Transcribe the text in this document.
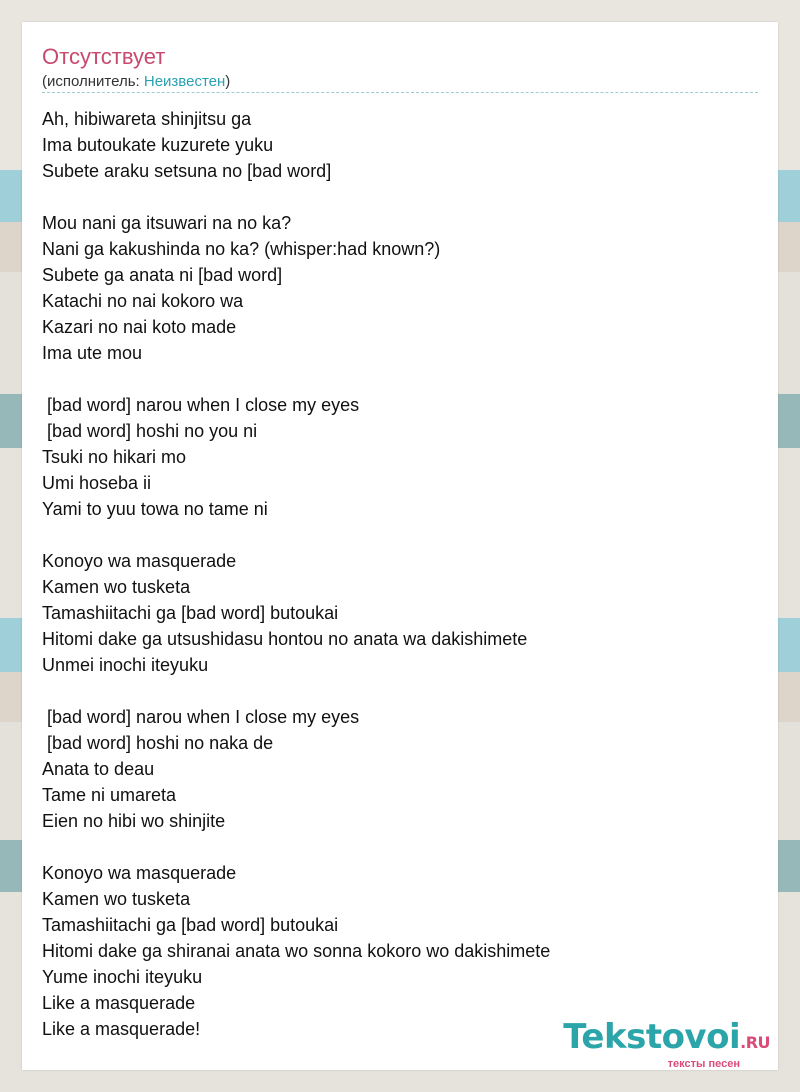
Отсутствует
(исполнитель: Неизвестен)
Ah, hibiwareta shinjitsu ga
Ima butoukate kuzurete yuku
Subete araku setsuna no [bad word]
Mou nani ga itsuwari na no ka?
Nani ga kakushinda no ka? (whisper:had known?)
Subete ga anata ni [bad word]
Katachi no nai kokoro wa
Kazari no nai koto made
Ima ute mou
[bad word] narou when I close my eyes
[bad word] hoshi no you ni
Tsuki no hikari mo
Umi hoseba ii
Yami to yuu towa no tame ni
Konoyo wa masquerade
Kamen wo tusketa
Tamashiitachi ga [bad word] butoukai
Hitomi dake ga utsushidasu hontou no anata wa dakishimete
Unmei inochi iteyuku
[bad word] narou when I close my eyes
[bad word] hoshi no naka de
Anata to deau
Tame ni umareta
Eien no hibi wo shinjite
Konoyo wa masquerade
Kamen wo tusketa
Tamashiitachi ga [bad word] butoukai
Hitomi dake ga shiranai anata wo sonna kokoro wo dakishimete
Yume inochi iteyuku
Like a masquerade
Like a masquerade!	Tekstovoi.RU
тексты песен
